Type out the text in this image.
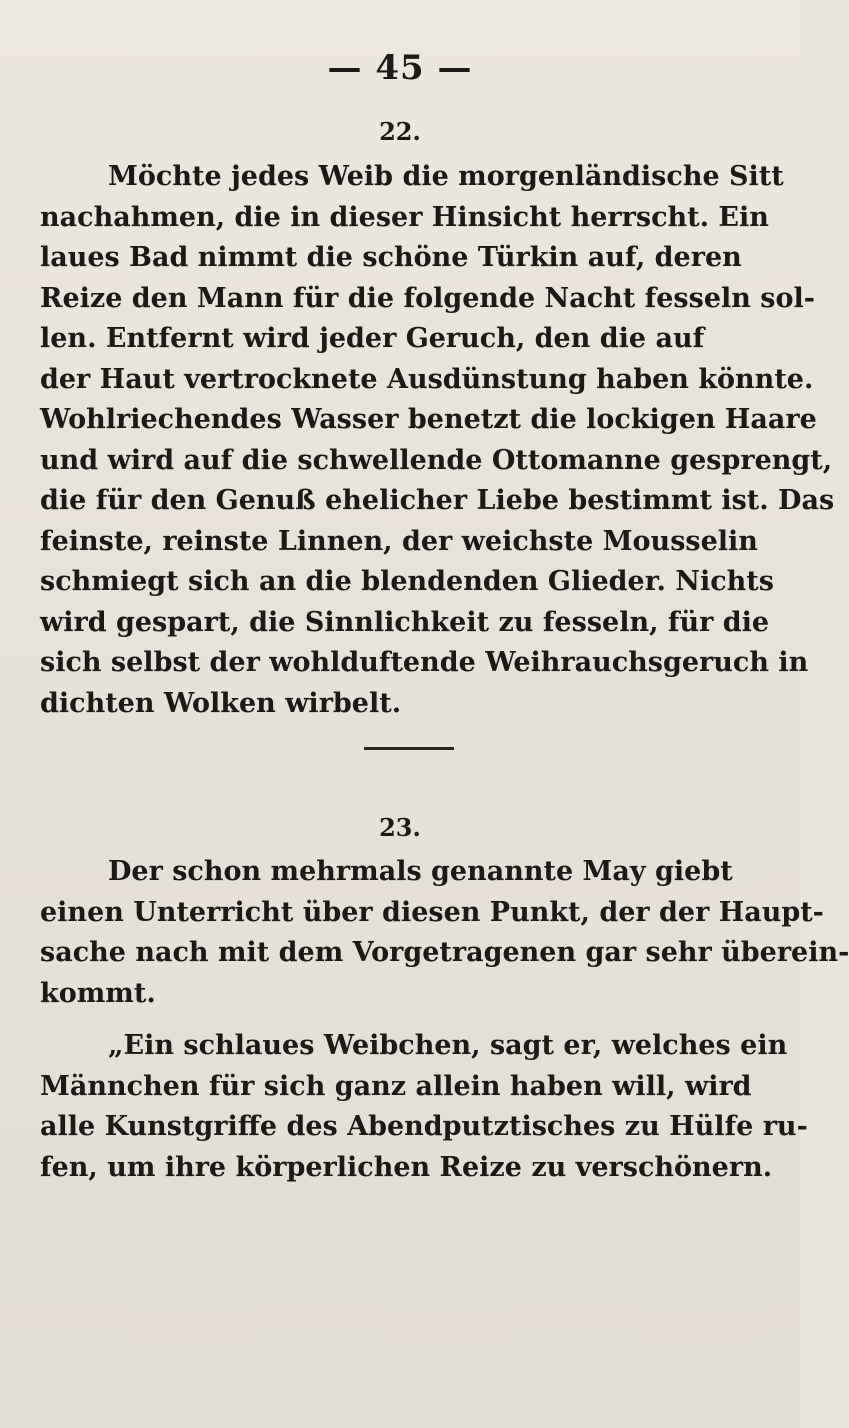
— 45 —
22.
Möchte jedes Weib die morgenländische Sitt
nachahmen, die in dieser Hinsicht herrscht. Ein
laues Bad nimmt die schöne Türkin auf, deren
Reize den Mann für die folgende Nacht fesseln sol-
len. Entfernt wird jeder Geruch, den die auf
der Haut vertrocknete Ausdünstung haben könnte.
Wohlriechendes Wasser benetzt die lockigen Haare
und wird auf die schwellende Ottomanne gesprengt,
die für den Genuß ehelicher Liebe bestimmt ist. Das
feinste, reinste Linnen, der weichste Mousselin
schmiegt sich an die blendenden Glieder. Nichts
wird gespart, die Sinnlichkeit zu fesseln, für die
sich selbst der wohlduftende Weihrauchsgeruch in
dichten Wolken wirbelt.
23.
Der schon mehrmals genannte May giebt
einen Unterricht über diesen Punkt, der der Haupt-
sache nach mit dem Vorgetragenen gar sehr überein-
kommt.
„Ein schlaues Weibchen, sagt er, welches ein
Männchen für sich ganz allein haben will, wird
alle Kunstgriffe des Abendputztisches zu Hülfe ru-
fen, um ihre körperlichen Reize zu verschönern.
